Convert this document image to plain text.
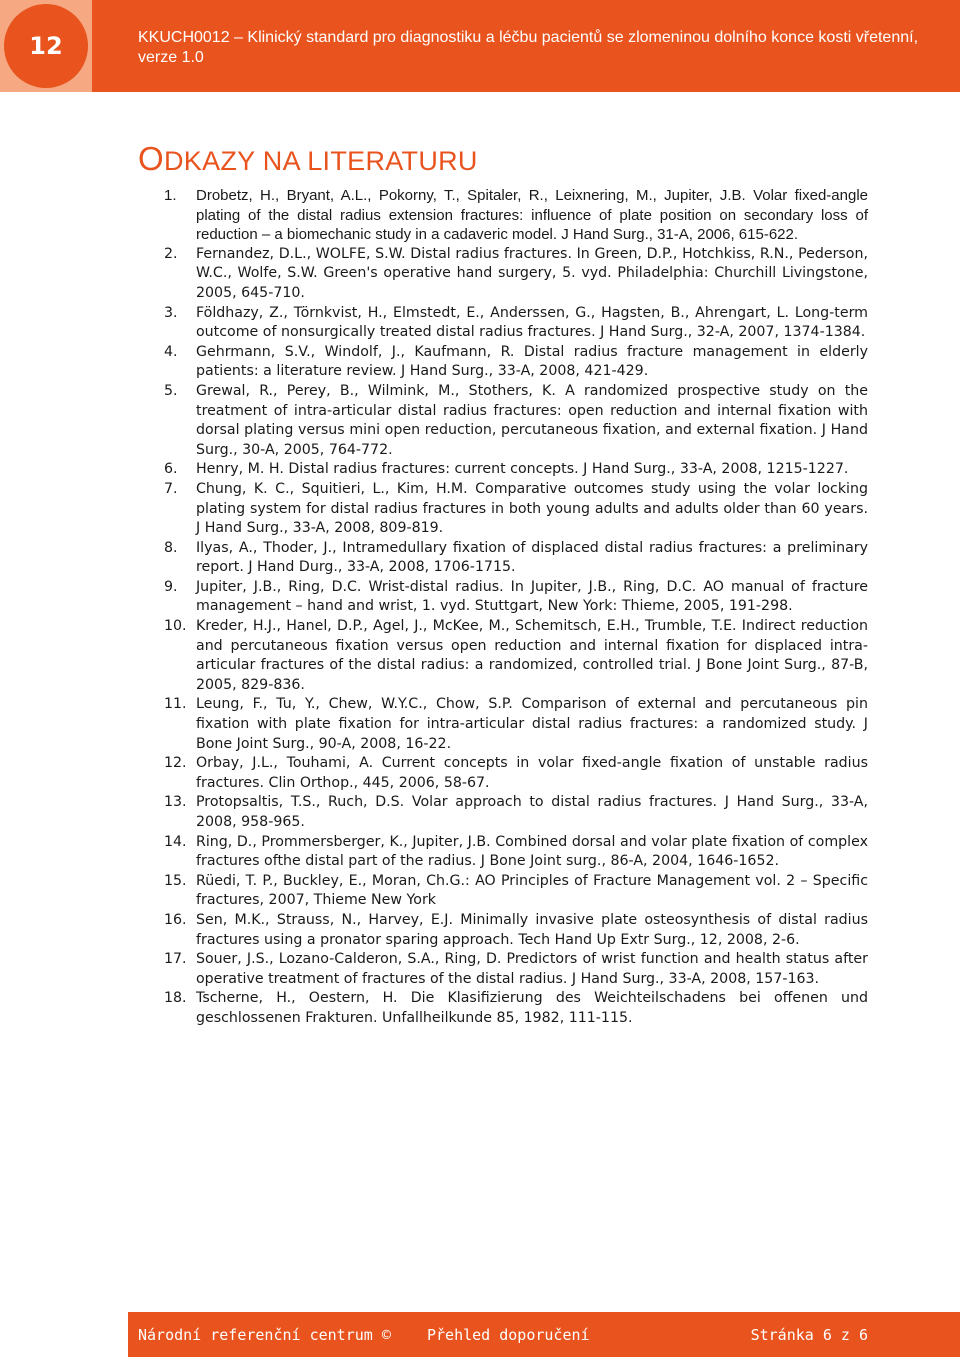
12	KKUCH0012 – Klinický standard pro diagnostiku a léčbu pacientů se zlomeninou dolního konce kosti vřetenní, verze 1.0
ODKAZY NA LITERATURU
1. Drobetz, H., Bryant, A.L., Pokorny, T., Spitaler, R., Leixnering, M., Jupiter, J.B. Volar fixed-angle plating of the distal radius extension fractures: influence of plate position on secondary loss of reduction – a biomechanic study in a cadaveric model. J Hand Surg., 31-A, 2006, 615-622.
2. Fernandez, D.L., WOLFE, S.W. Distal radius fractures. In Green, D.P., Hotchkiss, R.N., Pederson, W.C., Wolfe, S.W. Green's operative hand surgery, 5. vyd. Philadelphia: Churchill Livingstone, 2005, 645-710.
3. Földhazy, Z., Törnkvist, H., Elmstedt, E., Anderssen, G., Hagsten, B., Ahrengart, L. Long-term outcome of nonsurgically treated distal radius fractures. J Hand Surg., 32-A, 2007, 1374-1384.
4. Gehrmann, S.V., Windolf, J., Kaufmann, R. Distal radius fracture management in elderly patients: a literature review. J Hand Surg., 33-A, 2008, 421-429.
5. Grewal, R., Perey, B., Wilmink, M., Stothers, K. A randomized prospective study on the treatment of intra-articular distal radius fractures: open reduction and internal fixation with dorsal plating versus mini open reduction, percutaneous fixation, and external fixation. J Hand Surg., 30-A, 2005, 764-772.
6. Henry, M. H. Distal radius fractures: current concepts. J Hand Surg., 33-A, 2008, 1215-1227.
7. Chung, K. C., Squitieri, L., Kim, H.M. Comparative outcomes study using the volar locking plating system for distal radius fractures in both young adults and adults older than 60 years. J Hand Surg., 33-A, 2008, 809-819.
8. Ilyas, A., Thoder, J., Intramedullary fixation of displaced distal radius fractures: a preliminary report. J Hand Durg., 33-A, 2008, 1706-1715.
9. Jupiter, J.B., Ring, D.C. Wrist-distal radius. In Jupiter, J.B., Ring, D.C. AO manual of fracture management – hand and wrist, 1. vyd. Stuttgart, New York: Thieme, 2005, 191-298.
10. Kreder, H.J., Hanel, D.P., Agel, J., McKee, M., Schemitsch, E.H., Trumble, T.E. Indirect reduction and percutaneous fixation versus open reduction and internal fixation for displaced intra-articular fractures of the distal radius: a randomized, controlled trial. J Bone Joint Surg., 87-B, 2005, 829-836.
11. Leung, F., Tu, Y., Chew, W.Y.C., Chow, S.P. Comparison of external and percutaneous pin fixation with plate fixation for intra-articular distal radius fractures: a randomized study. J Bone Joint Surg., 90-A, 2008, 16-22.
12. Orbay, J.L., Touhami, A. Current concepts in volar fixed-angle fixation of unstable radius fractures. Clin Orthop., 445, 2006, 58-67.
13. Protopsaltis, T.S., Ruch, D.S. Volar approach to distal radius fractures. J Hand Surg., 33-A, 2008, 958-965.
14. Ring, D., Prommersberger, K., Jupiter, J.B. Combined dorsal and volar plate fixation of complex fractures ofthe distal part of the radius. J Bone Joint surg., 86-A, 2004, 1646-1652.
15. Rüedi, T. P., Buckley, E., Moran, Ch.G.: AO Principles of Fracture Management vol. 2 – Specific fractures, 2007, Thieme New York
16. Sen, M.K., Strauss, N., Harvey, E.J. Minimally invasive plate osteosynthesis of distal radius fractures using a pronator sparing approach. Tech Hand Up Extr Surg., 12, 2008, 2-6.
17. Souer, J.S., Lozano-Calderon, S.A., Ring, D. Predictors of wrist function and health status after operative treatment of fractures of the distal radius. J Hand Surg., 33-A, 2008, 157-163.
18. Tscherne, H., Oestern, H. Die Klasifizierung des Weichteilschadens bei offenen und geschlossenen Frakturen. Unfallheilkunde 85, 1982, 111-115.
Národní referenční centrum © Přehled doporučení	Stránka 6 z 6
